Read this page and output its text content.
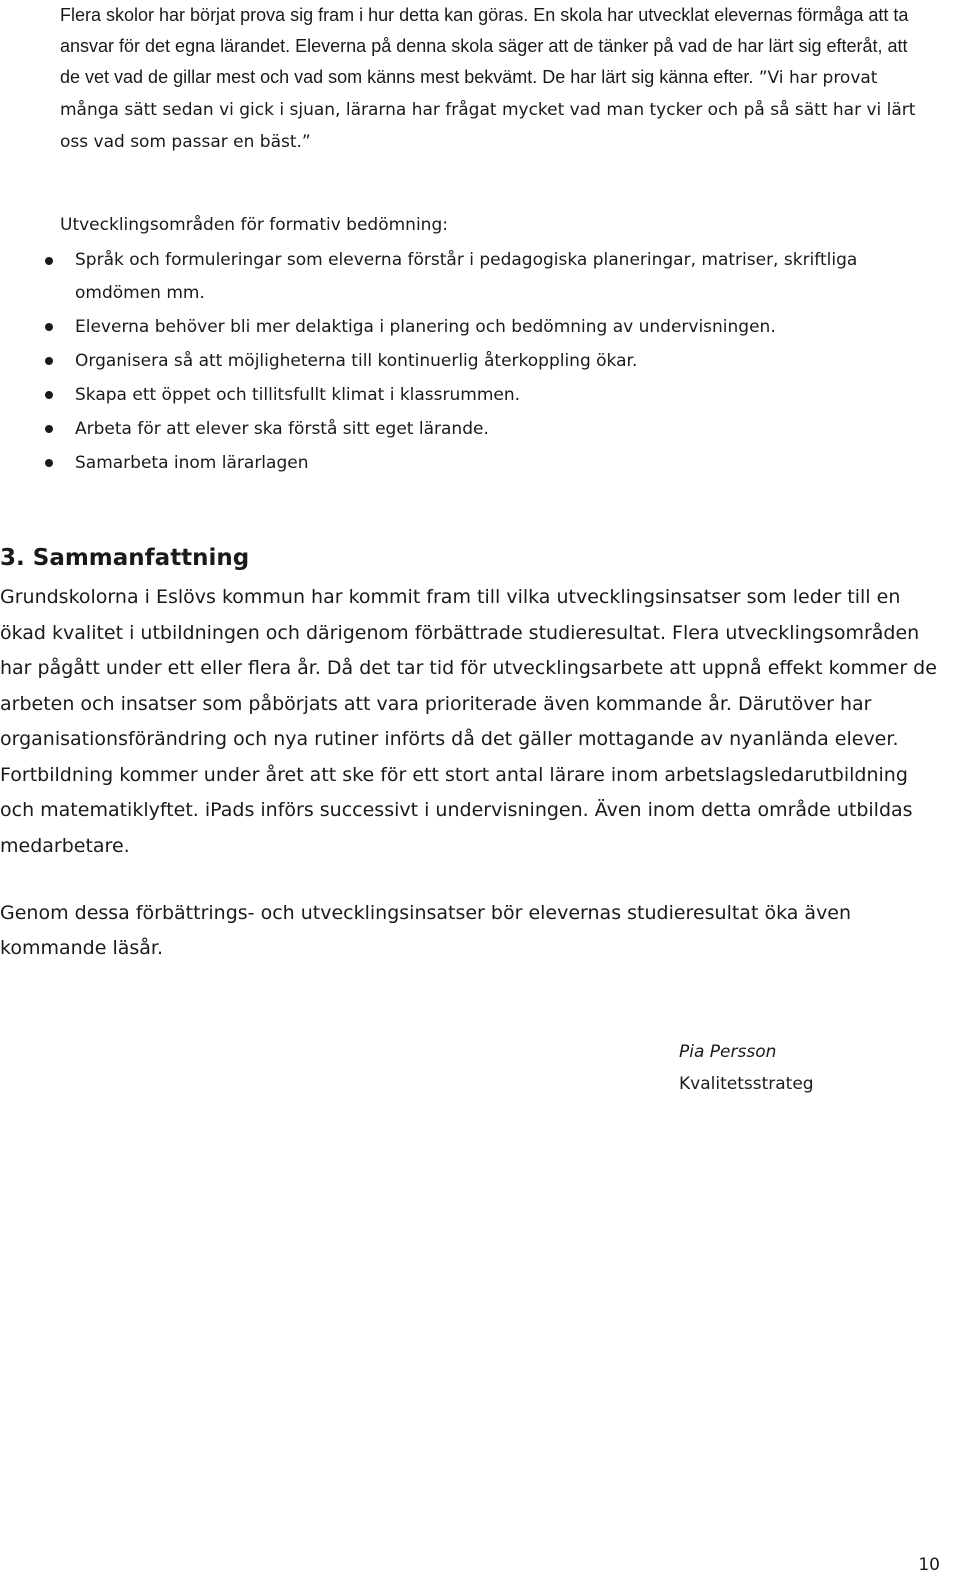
Flera skolor har börjat prova sig fram i hur detta kan göras. En skola har utvecklat elevernas förmåga att ta ansvar för det egna lärandet. Eleverna på denna skola säger att de tänker på vad de har lärt sig efteråt, att de vet vad de gillar mest och vad som känns mest bekvämt. De har lärt sig känna efter. ”Vi har provat många sätt sedan vi gick i sjuan, lärarna har frågat mycket vad man tycker och på så sätt har vi lärt oss vad som passar en bäst.”

Utvecklingsområden för formativ bedömning:

Språk och formuleringar som eleverna förstår i pedagogiska planeringar, matriser, skriftliga omdömen mm.
Eleverna behöver bli mer delaktiga i planering och bedömning av undervisningen.
Organisera så att möjligheterna till kontinuerlig återkoppling ökar.
Skapa ett öppet och tillitsfullt klimat i klassrummen.
Arbeta för att elever ska förstå sitt eget lärande.
Samarbeta inom lärarlagen
3. Sammanfattning

Grundskolorna i Eslövs kommun har kommit fram till vilka utvecklingsinsatser som leder till en ökad kvalitet i utbildningen och därigenom förbättrade studieresultat. Flera utvecklingsområden har pågått under ett eller flera år. Då det tar tid för utvecklingsarbete att uppnå effekt kommer de arbeten och insatser som påbörjats att vara prioriterade även kommande år. Därutöver har organisationsförändring och nya rutiner införts då det gäller mottagande av nyanlända elever. Fortbildning kommer under året att ske för ett stort antal lärare inom arbetslagsledarutbildning och matematiklyftet. iPads införs successivt i undervisningen. Även inom detta område utbildas medarbetare.

Genom dessa förbättrings- och utvecklingsinsatser bör elevernas studieresultat öka även kommande läsår.

Pia Persson
Kvalitetsstrateg
10
